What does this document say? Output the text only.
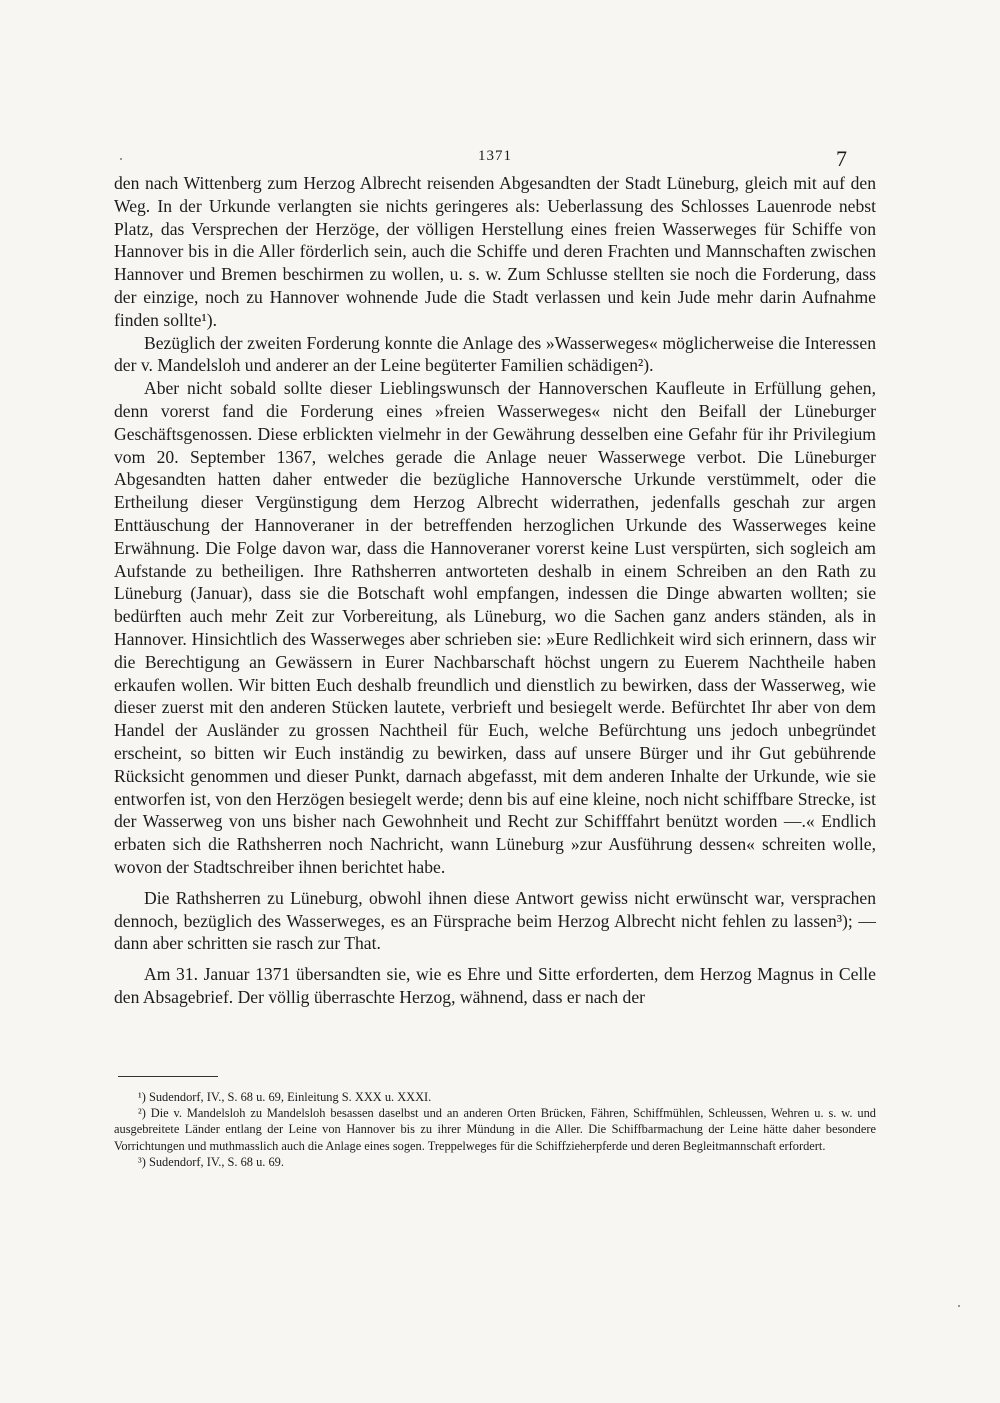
1371	7

den nach Wittenberg zum Herzog Albrecht reisenden Abgesandten der Stadt Lüneburg, gleich mit auf den Weg. In der Urkunde verlangten sie nichts geringeres als: Ueberlassung des Schlosses Lauenrode nebst Platz, das Versprechen der Herzöge, der völligen Herstellung eines freien Wasserweges für Schiffe von Hannover bis in die Aller förderlich sein, auch die Schiffe und deren Frachten und Mannschaften zwischen Hannover und Bremen beschirmen zu wollen, u. s. w. Zum Schlusse stellten sie noch die Forderung, dass der einzige, noch zu Hannover wohnende Jude die Stadt verlassen und kein Jude mehr darin Aufnahme finden sollte¹).

Bezüglich der zweiten Forderung konnte die Anlage des »Wasserweges« möglicherweise die Interessen der v. Mandelsloh und anderer an der Leine begüterter Familien schädigen²).

Aber nicht sobald sollte dieser Lieblingswunsch der Hannoverschen Kaufleute in Erfüllung gehen, denn vorerst fand die Forderung eines »freien Wasserweges« nicht den Beifall der Lüneburger Geschäftsgenossen. Diese erblickten vielmehr in der Gewährung desselben eine Gefahr für ihr Privilegium vom 20. September 1367, welches gerade die Anlage neuer Wasserwege verbot. Die Lüneburger Abgesandten hatten daher entweder die bezügliche Hannoversche Urkunde verstümmelt, oder die Ertheilung dieser Vergünstigung dem Herzog Albrecht widerrathen, jedenfalls geschah zur argen Enttäuschung der Hannoveraner in der betreffenden herzoglichen Urkunde des Wasserweges keine Erwähnung. Die Folge davon war, dass die Hannoveraner vorerst keine Lust verspürten, sich sogleich am Aufstande zu betheiligen. Ihre Rathsherren antworteten deshalb in einem Schreiben an den Rath zu Lüneburg (Januar), dass sie die Botschaft wohl empfangen, indessen die Dinge abwarten wollten; sie bedürften auch mehr Zeit zur Vorbereitung, als Lüneburg, wo die Sachen ganz anders ständen, als in Hannover. Hinsichtlich des Wasserweges aber schrieben sie: »Eure Redlichkeit wird sich erinnern, dass wir die Berechtigung an Gewässern in Eurer Nachbarschaft höchst ungern zu Euerem Nachtheile haben erkaufen wollen. Wir bitten Euch deshalb freundlich und dienstlich zu bewirken, dass der Wasserweg, wie dieser zuerst mit den anderen Stücken lautete, verbrieft und besiegelt werde. Befürchtet Ihr aber von dem Handel der Ausländer zu grossen Nachtheil für Euch, welche Befürchtung uns jedoch unbegründet erscheint, so bitten wir Euch inständig zu bewirken, dass auf unsere Bürger und ihr Gut gebührende Rücksicht genommen und dieser Punkt, darnach abgefasst, mit dem anderen Inhalte der Urkunde, wie sie entworfen ist, von den Herzögen besiegelt werde; denn bis auf eine kleine, noch nicht schiffbare Strecke, ist der Wasserweg von uns bisher nach Gewohnheit und Recht zur Schifffahrt benützt worden —.« Endlich erbaten sich die Rathsherren noch Nachricht, wann Lüneburg »zur Ausführung dessen« schreiten wolle, wovon der Stadtschreiber ihnen berichtet habe.

Die Rathsherren zu Lüneburg, obwohl ihnen diese Antwort gewiss nicht erwünscht war, versprachen dennoch, bezüglich des Wasserweges, es an Fürsprache beim Herzog Albrecht nicht fehlen zu lassen³); — dann aber schritten sie rasch zur That.

Am 31. Januar 1371 übersandten sie, wie es Ehre und Sitte erforderten, dem Herzog Magnus in Celle den Absagebrief. Der völlig überraschte Herzog, wähnend, dass er nach der

¹) Sudendorf, IV., S. 68 u. 69, Einleitung S. XXX u. XXXI.

²) Die v. Mandelsloh zu Mandelsloh besassen daselbst und an anderen Orten Brücken, Fähren, Schiffmühlen, Schleussen, Wehren u. s. w. und ausgebreitete Länder entlang der Leine von Hannover bis zu ihrer Mündung in die Aller. Die Schiffbarmachung der Leine hätte daher besondere Vorrichtungen und muthmasslich auch die Anlage eines sogen. Treppelweges für die Schiffzieherpferde und deren Begleitmannschaft erfordert.

³) Sudendorf, IV., S. 68 u. 69.
